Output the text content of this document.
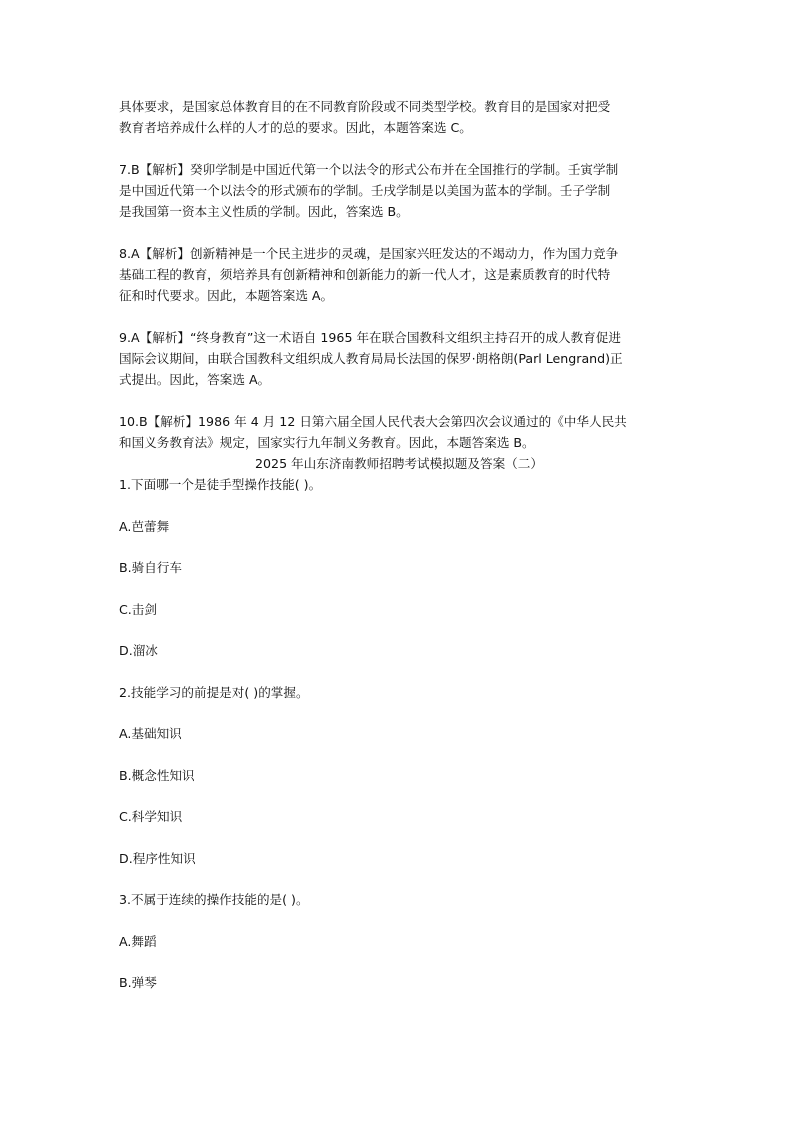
具体要求，是国家总体教育目的在不同教育阶段或不同类型学校。教育目的是国家对把受

教育者培养成什么样的人才的总的要求。因此，本题答案选 C。

7.B【解析】癸卯学制是中国近代第一个以法令的形式公布并在全国推行的学制。壬寅学制

是中国近代第一个以法令的形式颁布的学制。壬戌学制是以美国为蓝本的学制。壬子学制

是我国第一资本主义性质的学制。因此，答案选 B。

8.A【解析】创新精神是一个民主进步的灵魂，是国家兴旺发达的不竭动力，作为国力竞争

基础工程的教育，须培养具有创新精神和创新能力的新一代人才，这是素质教育的时代特

征和时代要求。因此，本题答案选 A。

9.A【解析】“终身教育”这一术语自 1965 年在联合国教科文组织主持召开的成人教育促进

国际会议期间，由联合国教科文组织成人教育局局长法国的保罗·朗格朗(Parl Lengrand)正

式提出。因此，答案选 A。

10.B【解析】1986 年 4 月 12 日第六届全国人民代表大会第四次会议通过的《中华人民共

和国义务教育法》规定，国家实行九年制义务教育。因此，本题答案选 B。

2025 年山东济南教师招聘考试模拟题及答案（二）

1.下面哪一个是徒手型操作技能( )。

A.芭蕾舞

B.骑自行车

C.击剑

D.溜冰

2.技能学习的前提是对( )的掌握。

A.基础知识

B.概念性知识

C.科学知识

D.程序性知识

3.不属于连续的操作技能的是( )。

A.舞蹈

B.弹琴
